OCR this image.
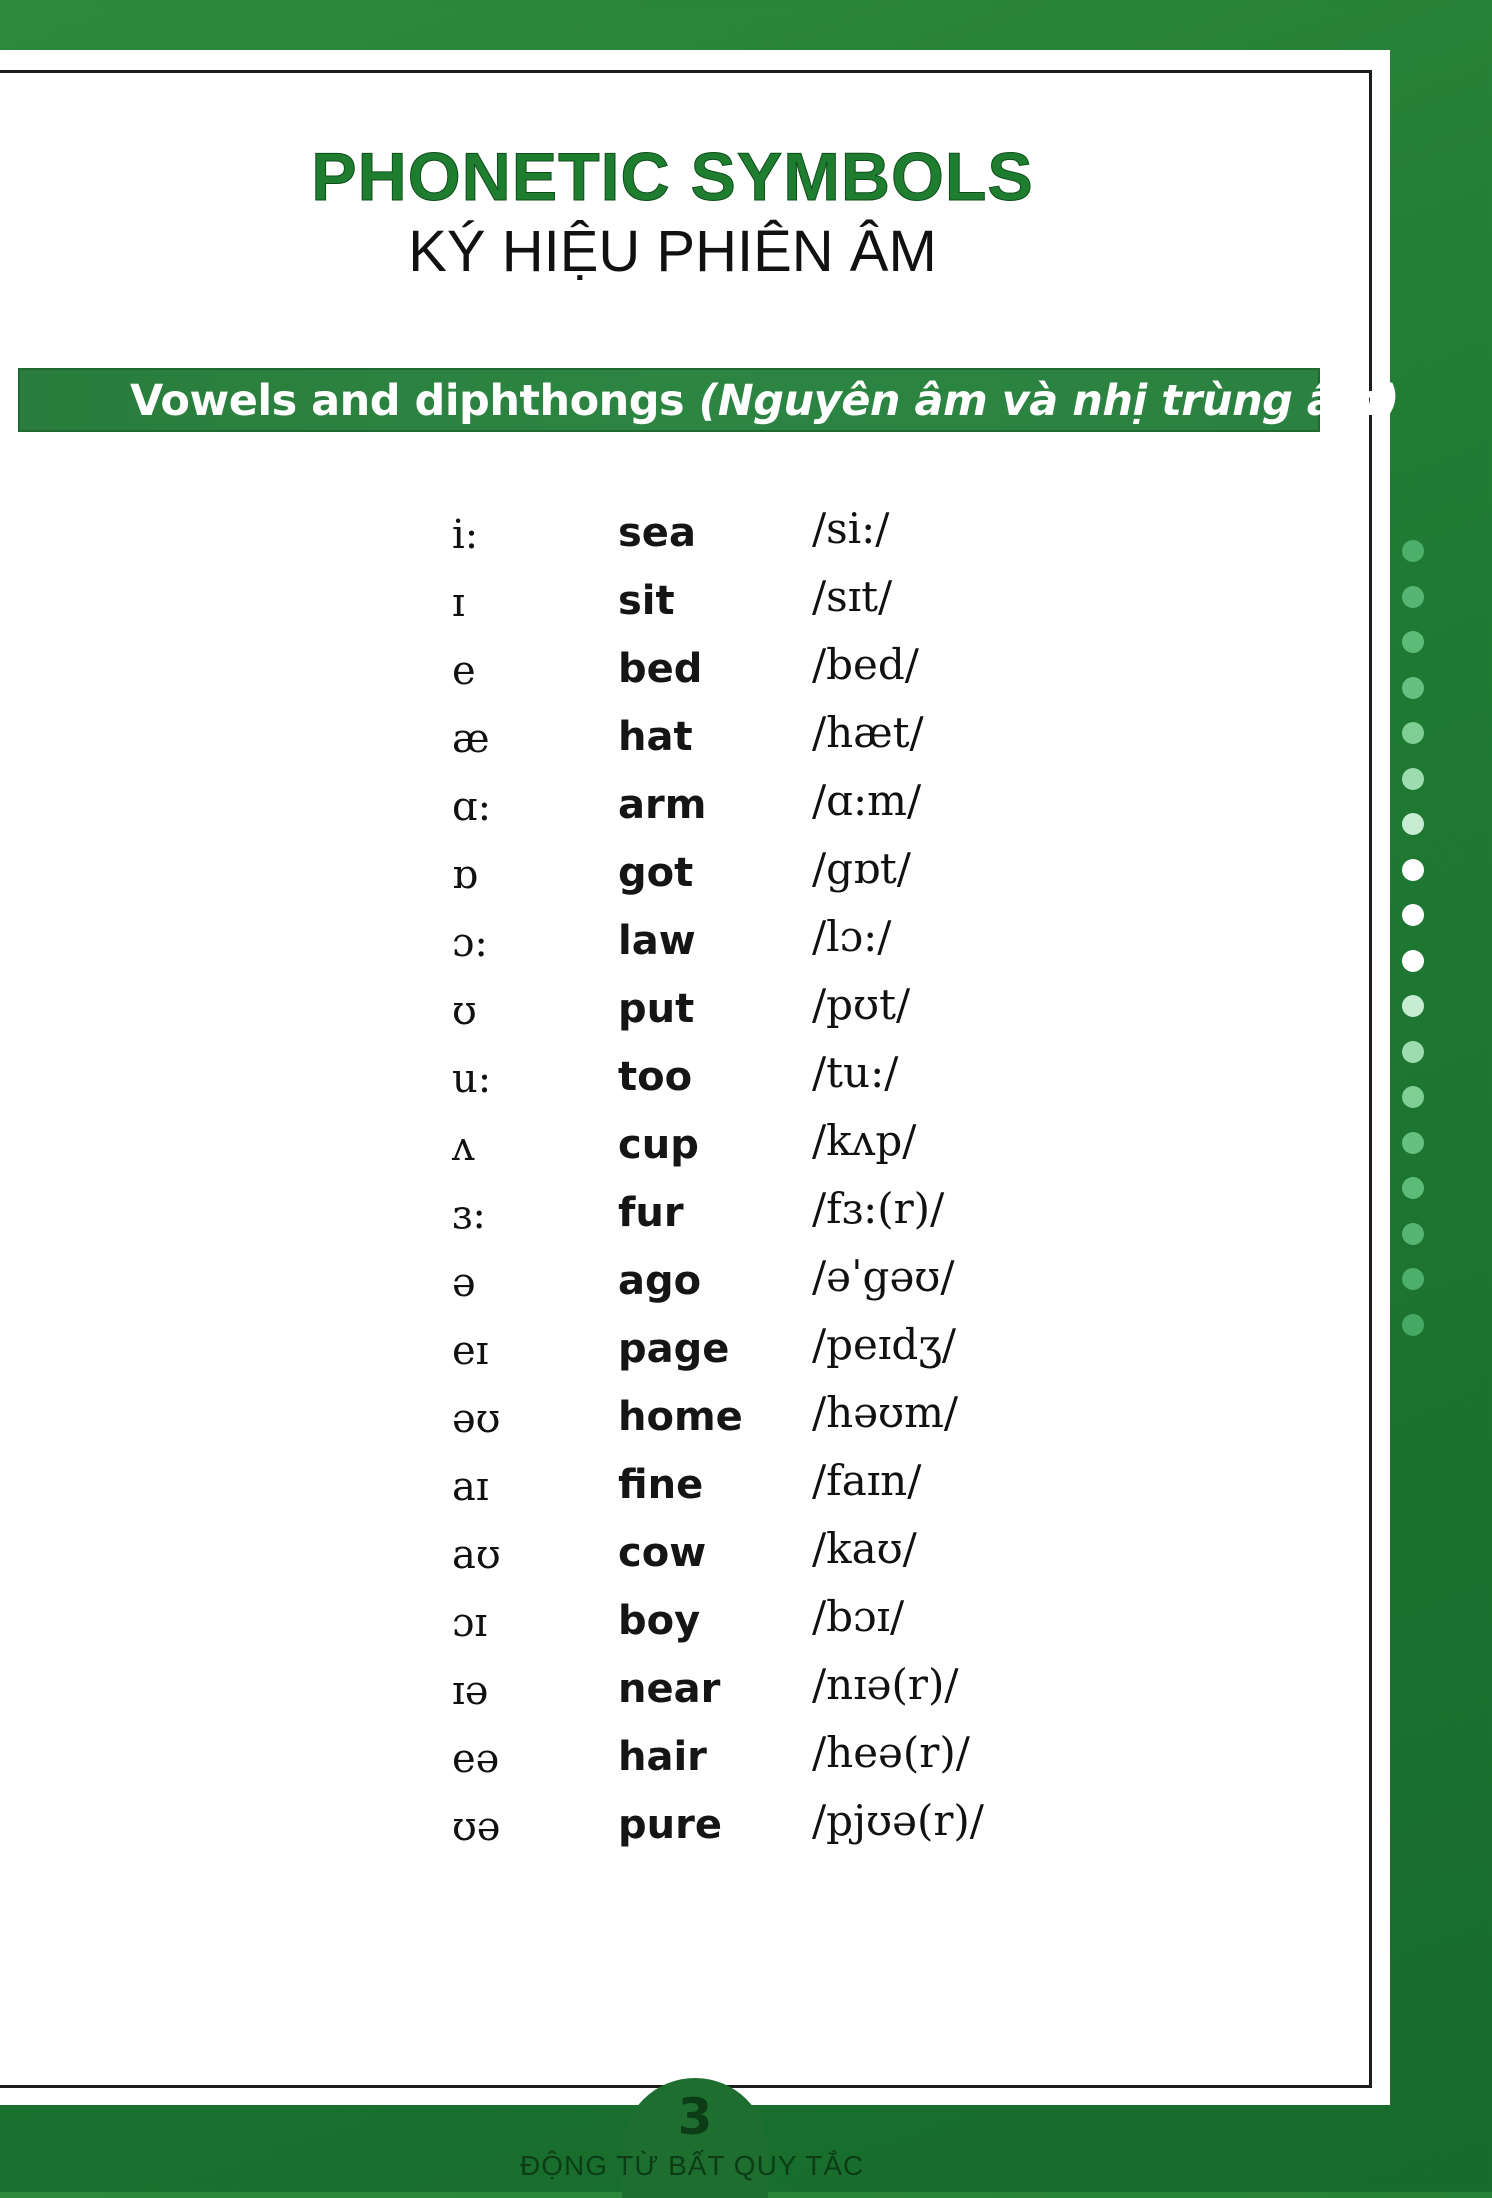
PHONETIC SYMBOLS
KÝ HIỆU PHIÊN ÂM
Vowels and diphthongs (Nguyên âm và nhị trùng âm)
i:	sea	/si:/
ɪ	sit	/sɪt/
e	bed	/bed/
æ	hat	/hæt/
ɑ:	arm	/ɑ:m/
ɒ	got	/gɒt/
ɔ:	law	/lɔ:/
ʊ	put	/pʊt/
u:	too	/tu:/
ʌ	cup	/kʌp/
ɜ:	fur	/fɜ:(r)/
ə	ago	/əˈgəʊ/
eɪ	page /peɪdʒ/
əʊ	home /həʊm/
aɪ	fine	/faɪn/
aʊ	cow	/kaʊ/
ɔɪ	boy	/bɔɪ/
ɪə	near /nɪə(r)/
eə	hair	/heə(r)/
ʊə	pure /pjʊə(r)/
3
ĐỘNG TỪ BẤT QUY TẮC
